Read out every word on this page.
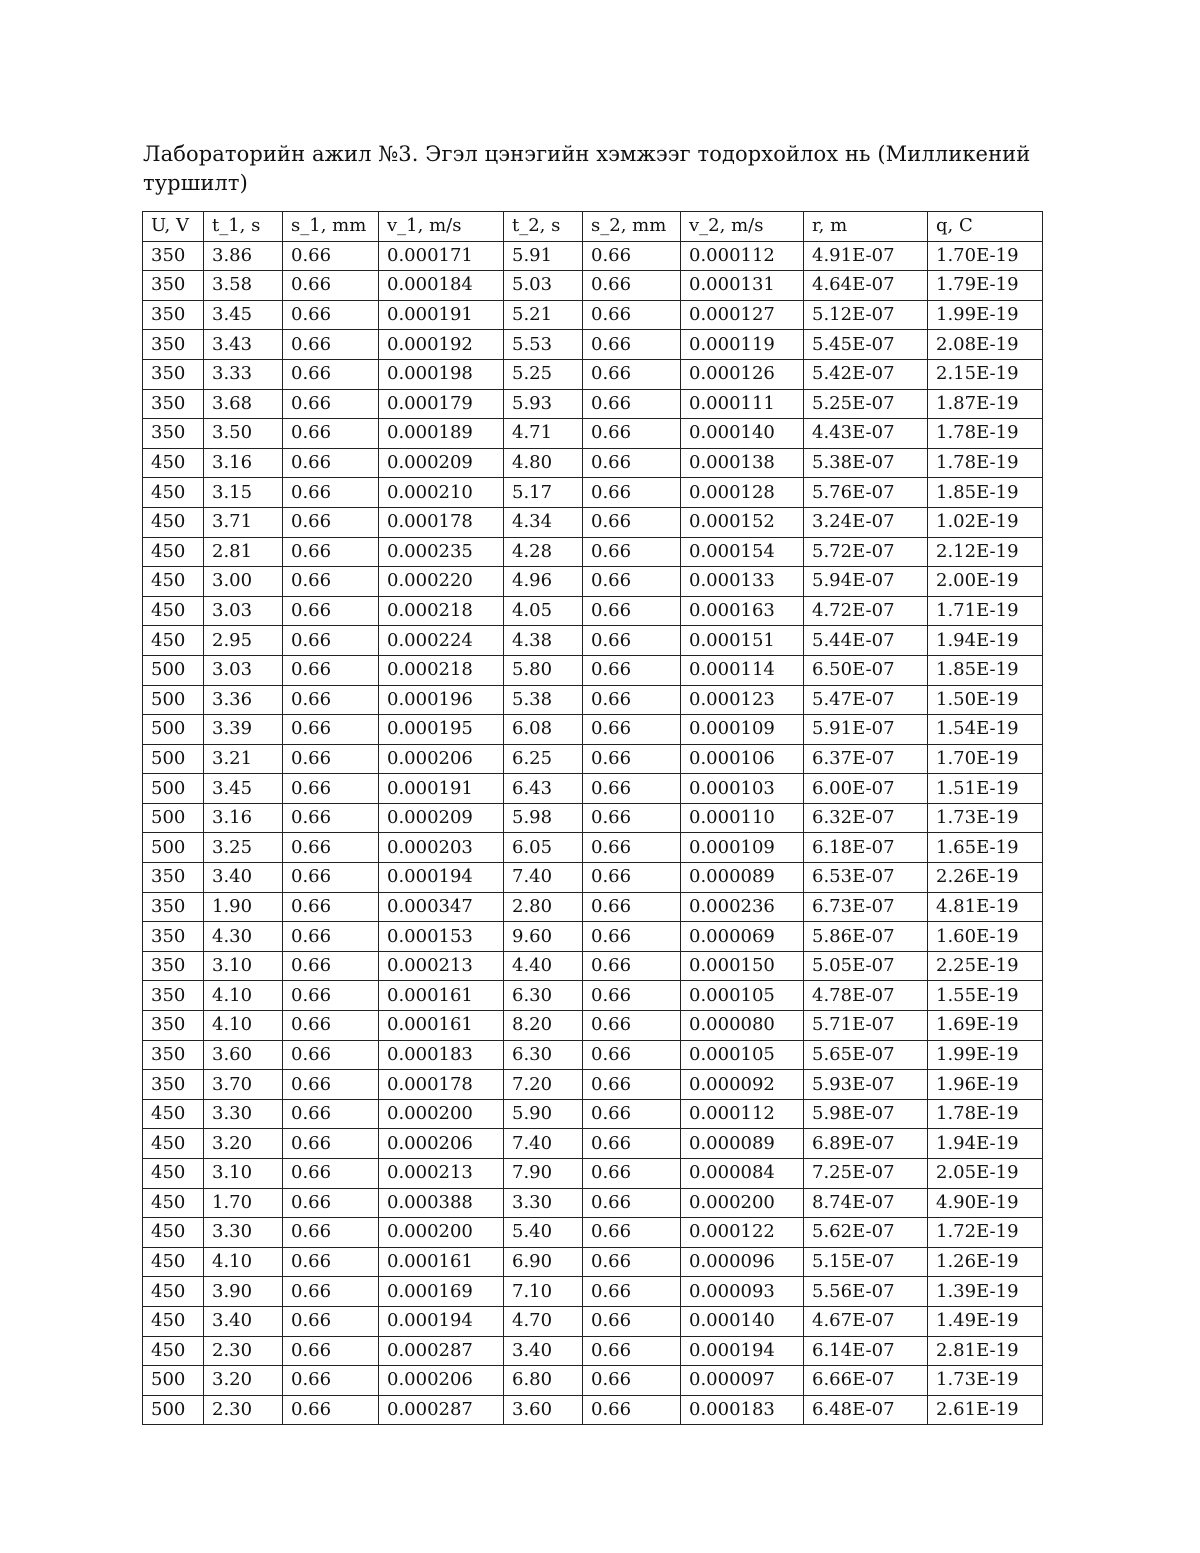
Лабораторийн ажил №3. Эгэл цэнэгийн хэмжээг тодорхойлох нь (Милликений туршилт)
U, V	t_1, s	s_1, mm	v_1, m/s	t_2, s	s_2, mm	v_2, m/s	r, m	q, C
350	3.86	0.66	0.000171	5.91	0.66	0.000112	4.91E-07	1.70E-19
350	3.58	0.66	0.000184	5.03	0.66	0.000131	4.64E-07	1.79E-19
350	3.45	0.66	0.000191	5.21	0.66	0.000127	5.12E-07	1.99E-19
350	3.43	0.66	0.000192	5.53	0.66	0.000119	5.45E-07	2.08E-19
350	3.33	0.66	0.000198	5.25	0.66	0.000126	5.42E-07	2.15E-19
350	3.68	0.66	0.000179	5.93	0.66	0.000111	5.25E-07	1.87E-19
350	3.50	0.66	0.000189	4.71	0.66	0.000140	4.43E-07	1.78E-19
450	3.16	0.66	0.000209	4.80	0.66	0.000138	5.38E-07	1.78E-19
450	3.15	0.66	0.000210	5.17	0.66	0.000128	5.76E-07	1.85E-19
450	3.71	0.66	0.000178	4.34	0.66	0.000152	3.24E-07	1.02E-19
450	2.81	0.66	0.000235	4.28	0.66	0.000154	5.72E-07	2.12E-19
450	3.00	0.66	0.000220	4.96	0.66	0.000133	5.94E-07	2.00E-19
450	3.03	0.66	0.000218	4.05	0.66	0.000163	4.72E-07	1.71E-19
450	2.95	0.66	0.000224	4.38	0.66	0.000151	5.44E-07	1.94E-19
500	3.03	0.66	0.000218	5.80	0.66	0.000114	6.50E-07	1.85E-19
500	3.36	0.66	0.000196	5.38	0.66	0.000123	5.47E-07	1.50E-19
500	3.39	0.66	0.000195	6.08	0.66	0.000109	5.91E-07	1.54E-19
500	3.21	0.66	0.000206	6.25	0.66	0.000106	6.37E-07	1.70E-19
500	3.45	0.66	0.000191	6.43	0.66	0.000103	6.00E-07	1.51E-19
500	3.16	0.66	0.000209	5.98	0.66	0.000110	6.32E-07	1.73E-19
500	3.25	0.66	0.000203	6.05	0.66	0.000109	6.18E-07	1.65E-19
350	3.40	0.66	0.000194	7.40	0.66	0.000089	6.53E-07	2.26E-19
350	1.90	0.66	0.000347	2.80	0.66	0.000236	6.73E-07	4.81E-19
350	4.30	0.66	0.000153	9.60	0.66	0.000069	5.86E-07	1.60E-19
350	3.10	0.66	0.000213	4.40	0.66	0.000150	5.05E-07	2.25E-19
350	4.10	0.66	0.000161	6.30	0.66	0.000105	4.78E-07	1.55E-19
350	4.10	0.66	0.000161	8.20	0.66	0.000080	5.71E-07	1.69E-19
350	3.60	0.66	0.000183	6.30	0.66	0.000105	5.65E-07	1.99E-19
350	3.70	0.66	0.000178	7.20	0.66	0.000092	5.93E-07	1.96E-19
450	3.30	0.66	0.000200	5.90	0.66	0.000112	5.98E-07	1.78E-19
450	3.20	0.66	0.000206	7.40	0.66	0.000089	6.89E-07	1.94E-19
450	3.10	0.66	0.000213	7.90	0.66	0.000084	7.25E-07	2.05E-19
450	1.70	0.66	0.000388	3.30	0.66	0.000200	8.74E-07	4.90E-19
450	3.30	0.66	0.000200	5.40	0.66	0.000122	5.62E-07	1.72E-19
450	4.10	0.66	0.000161	6.90	0.66	0.000096	5.15E-07	1.26E-19
450	3.90	0.66	0.000169	7.10	0.66	0.000093	5.56E-07	1.39E-19
450	3.40	0.66	0.000194	4.70	0.66	0.000140	4.67E-07	1.49E-19
450	2.30	0.66	0.000287	3.40	0.66	0.000194	6.14E-07	2.81E-19
500	3.20	0.66	0.000206	6.80	0.66	0.000097	6.66E-07	1.73E-19
500	2.30	0.66	0.000287	3.60	0.66	0.000183	6.48E-07	2.61E-19
